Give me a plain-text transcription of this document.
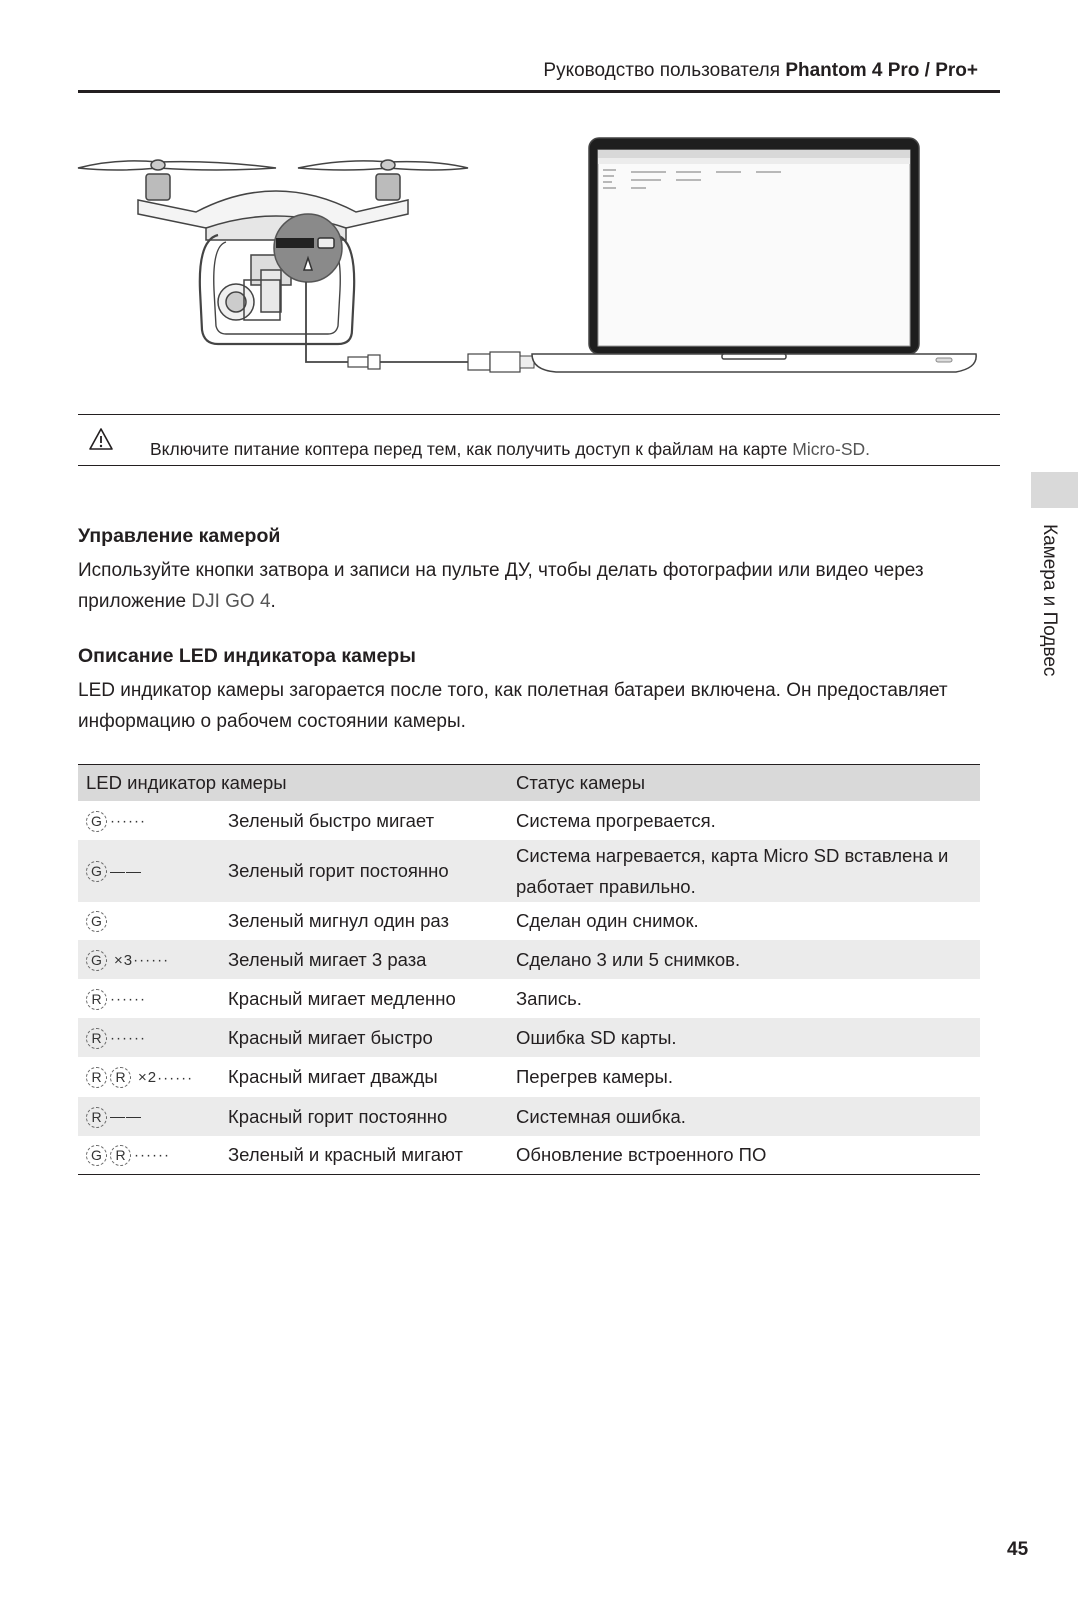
Руководство пользователя Phantom 4 Pro / Pro+
Включите питание коптера перед тем, как получить доступ к файлам на карте Micro-SD.
Камера и Подвес
Управление камерой
Используйте кнопки затвора и записи на пульте ДУ, чтобы делать фотографии или видео через
приложение DJI GO 4.
Описание LED индикатора камеры
LED индикатор камеры загорается после того, как полетная батареи включена. Он предоставляет
информацию о рабочем состоянии камеры.
LED индикатор камеры		Статус камеры
G ······	Зеленый быстро мигает	Система прогревается.
G ——	Зеленый горит постоянно	Система нагревается, карта Micro SD вставлена и работает правильно.
G	Зеленый мигнул один раз	Сделан один снимок.
G ×3······	Зеленый мигает 3 раза	Сделано 3 или 5 снимков.
R ······	Красный мигает медленно	Запись.
R ······	Красный мигает быстро	Ошибка SD карты.
R R ×2······	Красный мигает дважды	Перегрев камеры.
R ——	Красный горит постоянно	Системная ошибка.
G R ······	Зеленый и красный мигают	Обновление встроенного ПО
45
